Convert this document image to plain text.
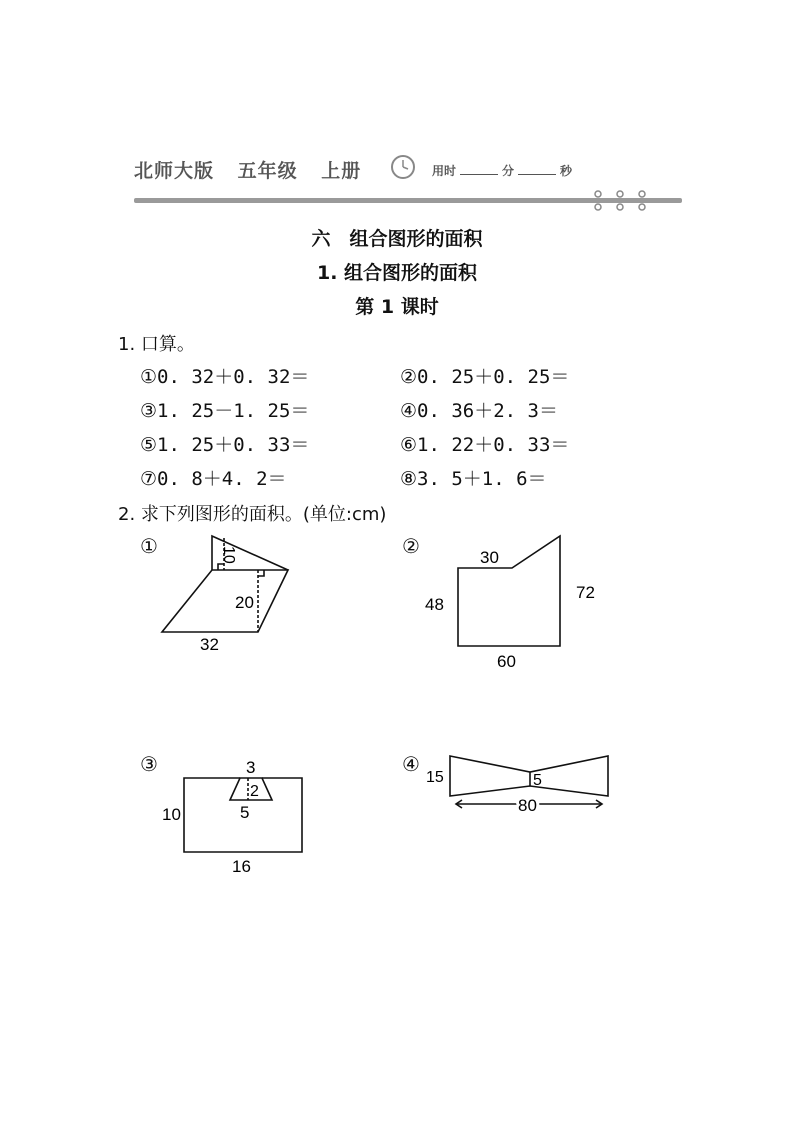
北师大版 五年级 上册	用时	分	秒
六　组合图形的面积
1. 组合图形的面积
第 1 课时
1. 口算。
①0. 32＋0. 32＝	②0. 25＋0. 25＝
③1. 25－1. 25＝	④0. 36＋2. 3＝
⑤1. 25＋0. 33＝	⑥1. 22＋0. 33＝
⑦0. 8＋4. 2＝	⑧3. 5＋1. 6＝
2. 求下列图形的面积。(单位:cm)
①	②
③	④
10
20
32
30
48
72
60
3
2
5
10
16
15	5
80
